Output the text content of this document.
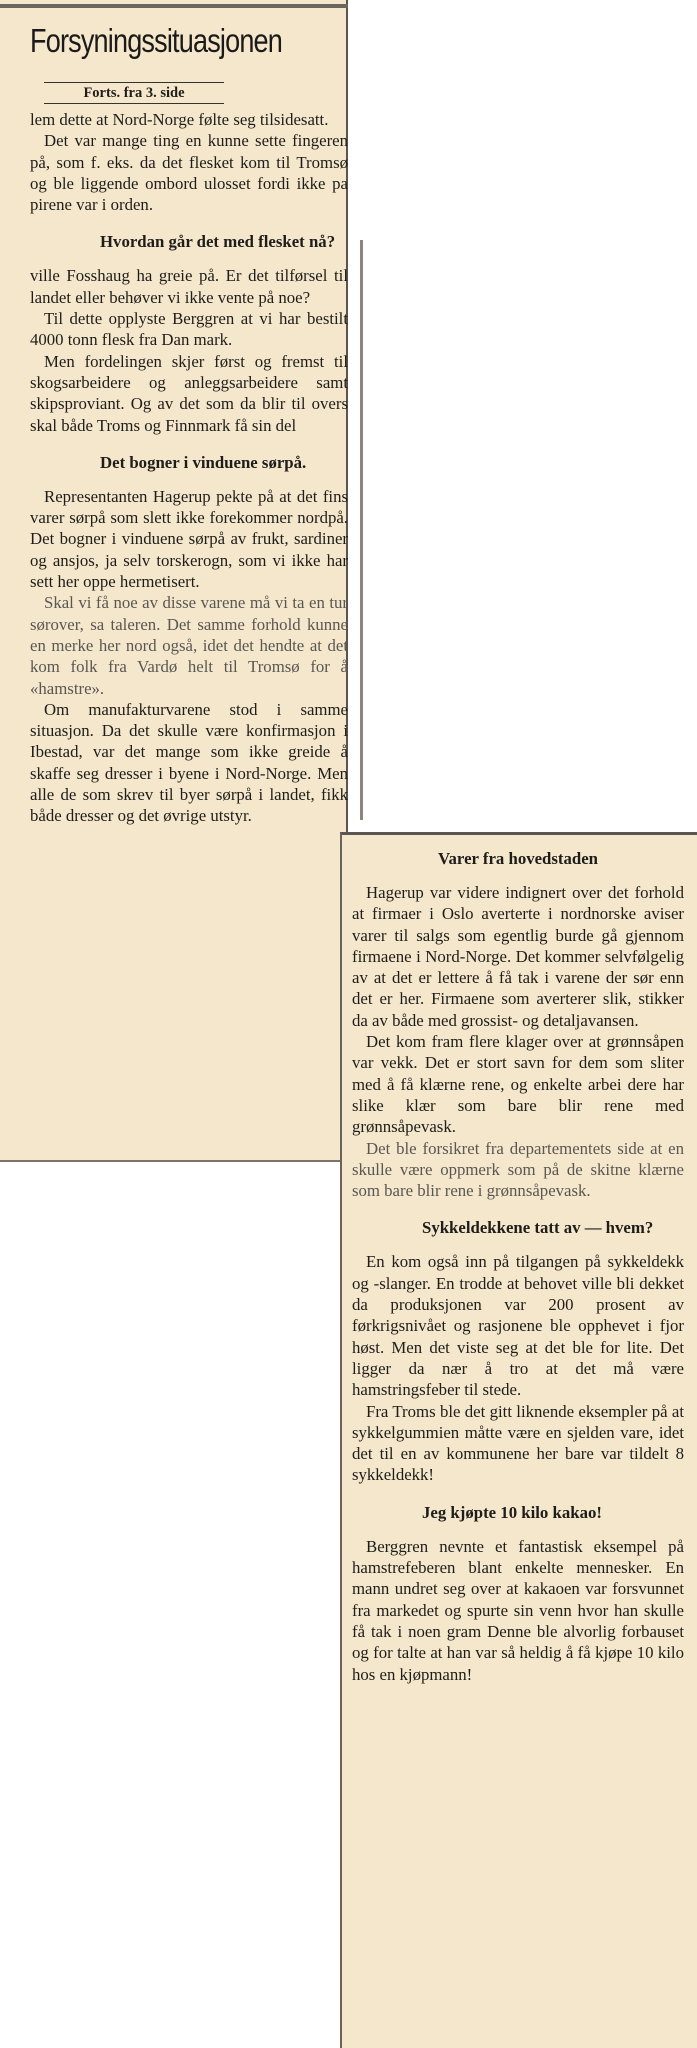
Forsyningssituasjonen
Forts. fra 3. side

lem dette at Nord-Norge følte seg tilsidesatt.

Det var mange ting en kunne sette fingeren på, som f. eks. da det flesket kom til Tromsø og ble liggende ombord ulosset fordi ikke pa pirene var i orden.

Hvordan går det med flesket nå?

ville Fosshaug ha greie på. Er det tilførsel til landet eller behøver vi ikke vente på noe?

Til dette opplyste Berggren at vi har bestilt 4000 tonn flesk fra Dan mark.

Men fordelingen skjer først og fremst til skogsarbeidere og anleggsarbeidere samt skipsproviant. Og av det som da blir til overs skal både Troms og Finnmark få sin del

Det bogner i vinduene sørpå.

Representanten Hagerup pekte på at det fins varer sørpå som slett ikke forekommer nordpå. Det bogner i vinduene sørpå av frukt, sardiner og ansjos, ja selv torskerogn, som vi ikke har sett her oppe hermetisert.

Skal vi få noe av disse varene må vi ta en tur sørover, sa taleren. Det samme forhold kunne en merke her nord også, idet det hendte at det kom folk fra Vardø helt til Tromsø for å «hamstre».

Om manufakturvarene stod i samme situasjon. Da det skulle være konfirmasjon i Ibestad, var det mange som ikke greide å skaffe seg dresser i byene i Nord-Norge. Men alle de som skrev til byer sørpå i landet, fikk både dresser og det øvrige utstyr.

Varer fra hovedstaden

Hagerup var videre indignert over det forhold at firmaer i Oslo averterte i nordnorske aviser varer til salgs som egentlig burde gå gjennom firmaene i Nord-Norge. Det kommer selvfølgelig av at det er lettere å få tak i varene der sør enn det er her. Firmaene som averterer slik, stikker da av både med grossist- og detaljavansen.

Det kom fram flere klager over at grønnsåpen var vekk. Det er stort savn for dem som sliter med å få klærne rene, og enkelte arbei dere har slike klær som bare blir rene med grønnsåpevask.

Det ble forsikret fra departementets side at en skulle være oppmerk som på de skitne klærne som bare blir rene i grønnsåpevask.

Sykkeldekkene tatt av — hvem?

En kom også inn på tilgangen på sykkeldekk og -slanger. En trodde at behovet ville bli dekket da produksjonen var 200 prosent av førkrigsnivået og rasjonene ble opphevet i fjor høst. Men det viste seg at det ble for lite. Det ligger da nær å tro at det må være hamstringsfeber til stede.

Fra Troms ble det gitt liknende eksempler på at sykkelgummien måtte være en sjelden vare, idet det til en av kommunene her bare var tildelt 8 sykkeldekk!

Jeg kjøpte 10 kilo kakao!

Berggren nevnte et fantastisk eksempel på hamstrefeberen blant enkelte mennesker. En mann undret seg over at kakaoen var forsvunnet fra markedet og spurte sin venn hvor han skulle få tak i noen gram Denne ble alvorlig forbauset og for talte at han var så heldig å få kjøpe 10 kilo hos en kjøpmann!
